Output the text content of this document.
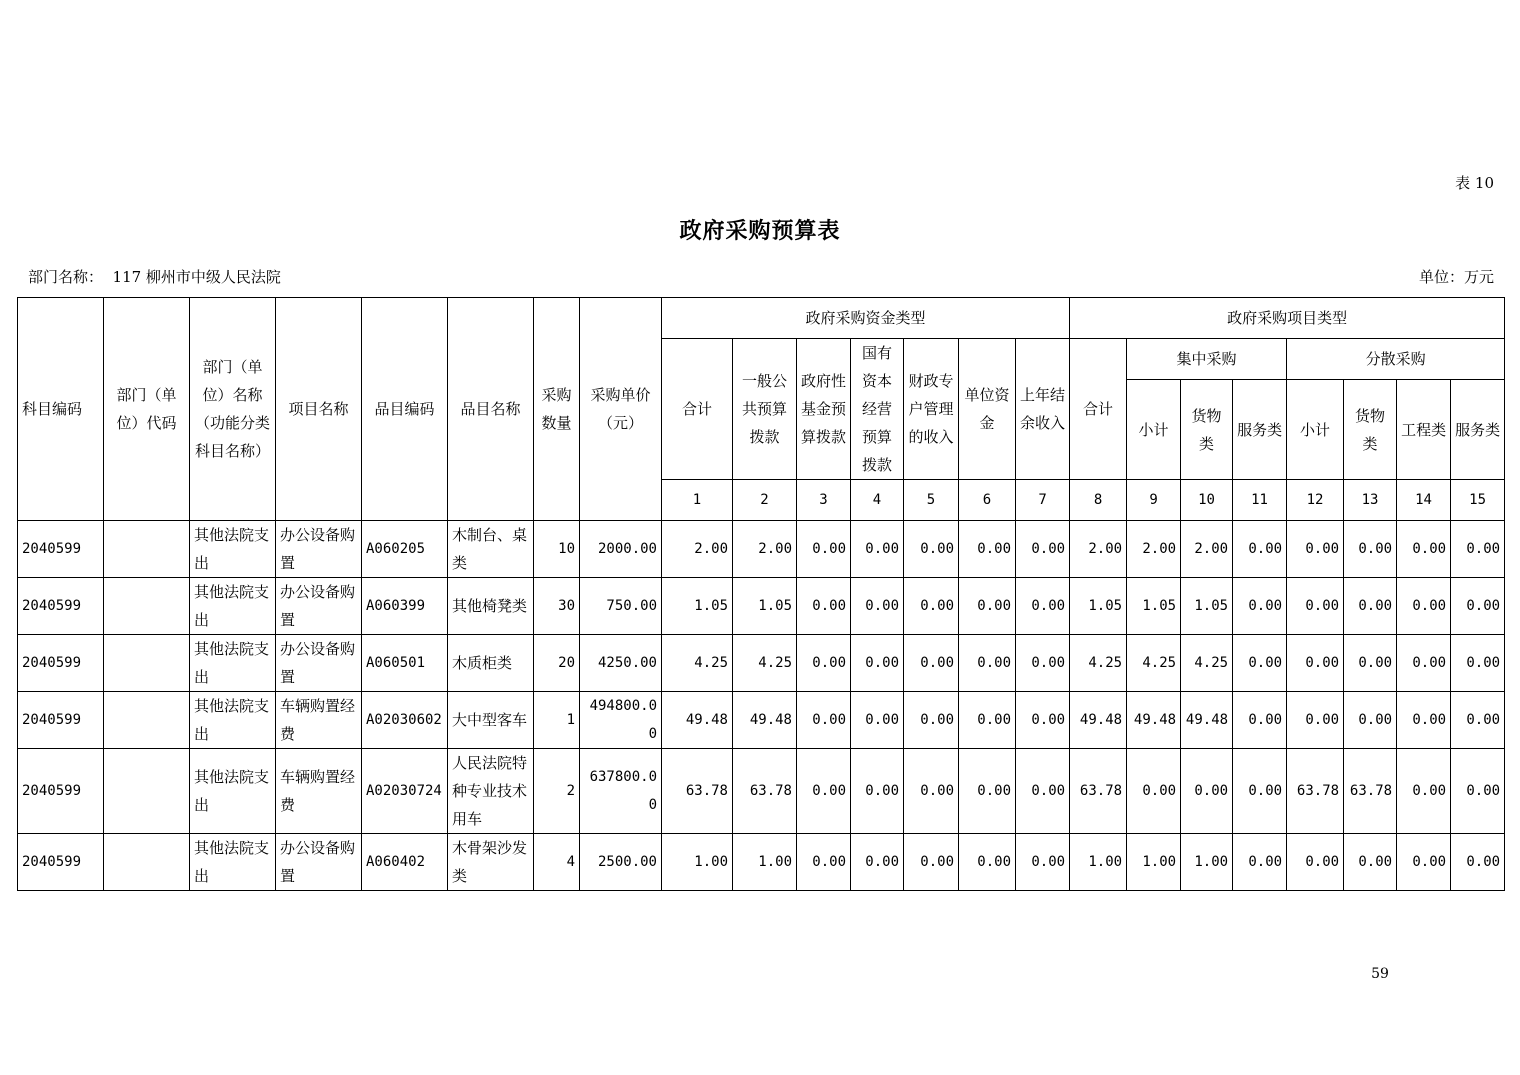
表 10
政府采购预算表
部门名称：  117 柳州市中级人民法院	单位：万元
科目编码	部门（单位）代码	部门（单位）名称（功能分类科目名称）	项目名称	品目编码	品目名称	采购数量	采购单价（元）	政府采购资金类型							政府采购项目类型							
								合计	一般公共预算拨款	政府性基金预算拨款	国有资本经营预算拨款	财政专户管理的收入	单位资金	上年结余收入	合计	集中采购			分散采购			
																小计	货物类	服务类	小计	货物类	工程类	服务类
								1	2	3	4	5	6	7	8	9	10	11	12	13	14	15
2040599		其他法院支出	办公设备购置	A060205	木制台、桌类	10	2000.00	2.00	2.00	0.00	0.00	0.00	0.00	0.00	2.00	2.00	2.00	0.00	0.00	0.00	0.00	0.00
2040599		其他法院支出	办公设备购置	A060399	其他椅凳类	30	750.00	1.05	1.05	0.00	0.00	0.00	0.00	0.00	1.05	1.05	1.05	0.00	0.00	0.00	0.00	0.00
2040599		其他法院支出	办公设备购置	A060501	木质柜类	20	4250.00	4.25	4.25	0.00	0.00	0.00	0.00	0.00	4.25	4.25	4.25	0.00	0.00	0.00	0.00	0.00
2040599		其他法院支出	车辆购置经费	A02030602	大中型客车	1	494800.00	49.48	49.48	0.00	0.00	0.00	0.00	0.00	49.48	49.48	49.48	0.00	0.00	0.00	0.00	0.00
2040599		其他法院支出	车辆购置经费	A02030724	人民法院特种专业技术用车	2	637800.00	63.78	63.78	0.00	0.00	0.00	0.00	0.00	63.78	0.00	0.00	0.00	63.78	63.78	0.00	0.00
2040599		其他法院支出	办公设备购置	A060402	木骨架沙发类	4	2500.00	1.00	1.00	0.00	0.00	0.00	0.00	0.00	1.00	1.00	1.00	0.00	0.00	0.00	0.00	0.00
59
